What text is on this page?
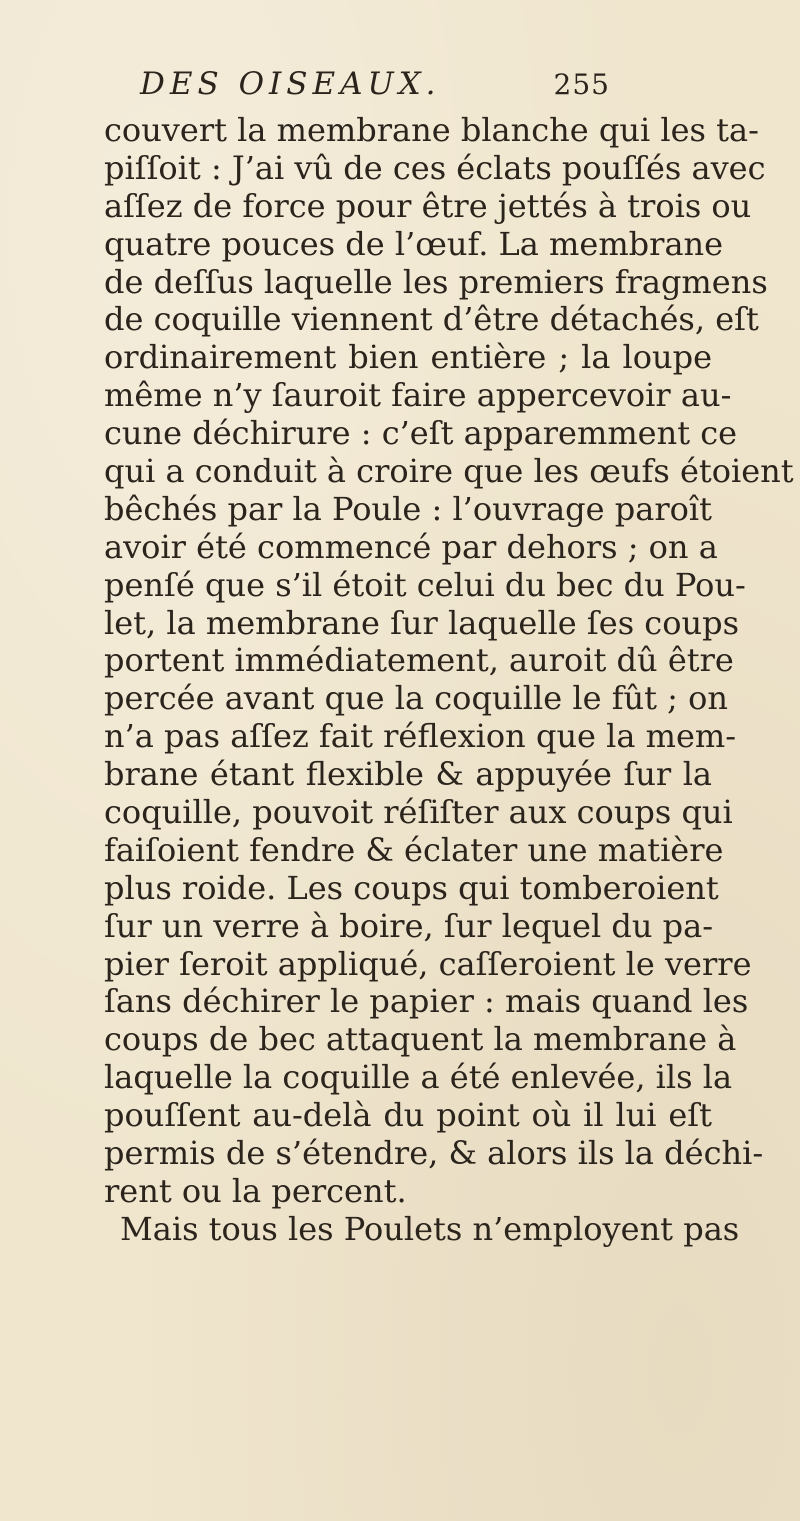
DES OISEAUX.	255
couvert la membrane blanche qui les ta-
piſſoit : J’ai vû de ces éclats pouſſés avec
aſſez de force pour être jettés à trois ou
quatre pouces de l’œuf. La membrane
de deſſus laquelle les premiers fragmens
de coquille viennent d’être détachés, eſt
ordinairement bien entière ; la loupe
même n’y ſauroit faire appercevoir au-
cune déchirure : c’eſt apparemment ce
qui a conduit à croire que les œufs étoient
bêchés par la Poule : l’ouvrage paroît
avoir été commencé par dehors ; on a
penſé que s’il étoit celui du bec du Pou-
let, la membrane ſur laquelle ſes coups
portent immédiatement, auroit dû être
percée avant que la coquille le fût ; on
n’a pas aſſez fait réflexion que la mem-
brane étant flexible & appuyée ſur la
coquille, pouvoit réſiſter aux coups qui
faiſoient fendre & éclater une matière
plus roide. Les coups qui tomberoient
ſur un verre à boire, ſur lequel du pa-
pier ſeroit appliqué, caſſeroient le verre
ſans déchirer le papier : mais quand les
coups de bec attaquent la membrane à
laquelle la coquille a été enlevée, ils la
pouſſent au-delà du point où il lui eſt
permis de s’étendre, & alors ils la déchi-
rent ou la percent.
Mais tous les Poulets n’employent pas
